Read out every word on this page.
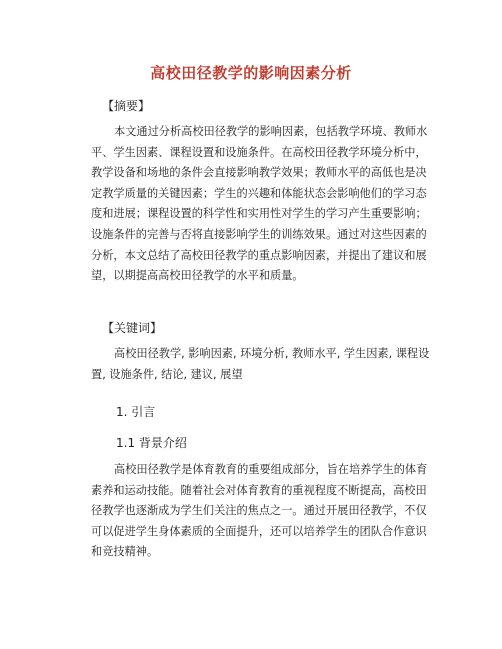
高校田径教学的影响因素分析
【摘要】
本文通过分析高校田径教学的影响因素，包括教学环境、教师水
平、学生因素、课程设置和设施条件。在高校田径教学环境分析中，
教学设备和场地的条件会直接影响教学效果；教师水平的高低也是决
定教学质量的关键因素；学生的兴趣和体能状态会影响他们的学习态
度和进展；课程设置的科学性和实用性对学生的学习产生重要影响；
设施条件的完善与否将直接影响学生的训练效果。通过对这些因素的
分析，本文总结了高校田径教学的重点影响因素，并提出了建议和展
望，以期提高高校田径教学的水平和质量。
【关键词】
高校田径教学, 影响因素, 环境分析, 教师水平, 学生因素, 课程设
置, 设施条件, 结论, 建议, 展望
1. 引言
1.1 背景介绍
高校田径教学是体育教育的重要组成部分，旨在培养学生的体育
素养和运动技能。随着社会对体育教育的重视程度不断提高，高校田
径教学也逐渐成为学生们关注的焦点之一。通过开展田径教学，不仅
可以促进学生身体素质的全面提升，还可以培养学生的团队合作意识
和竞技精神。
